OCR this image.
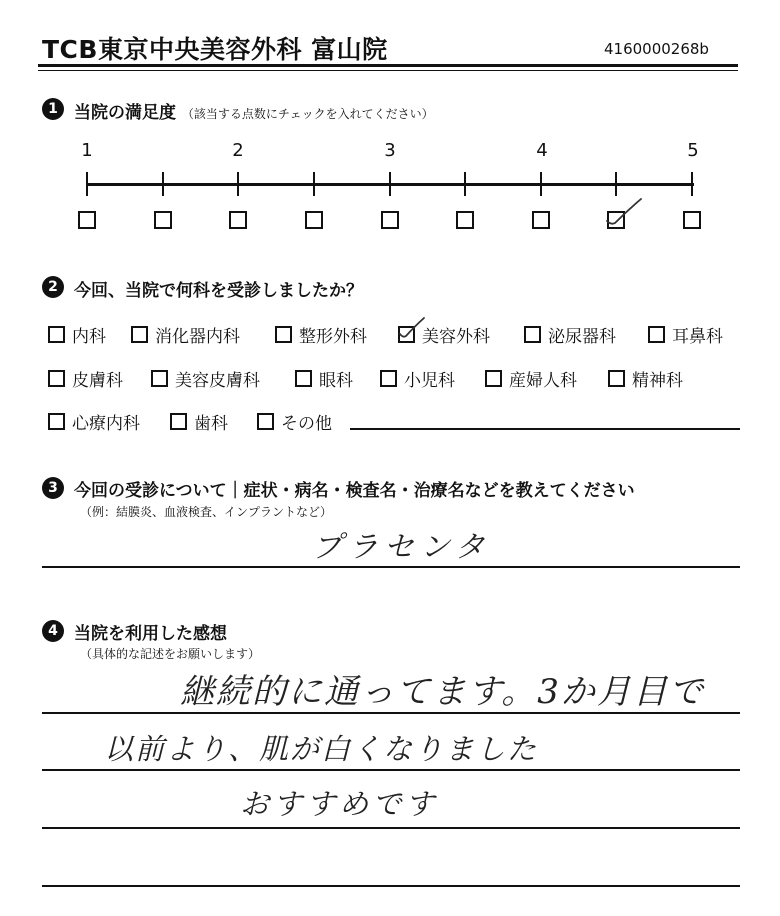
TCB東京中央美容外科 富山院	4160000268b
1 当院の満足度 （該当する点数にチェックを入れてください）
1	2	3	4	5
2 今回、当院で何科を受診しましたか？
内科	消化器内科	整形外科	美容外科	泌尿器科	耳鼻科
皮膚科	美容皮膚科	眼科	小児科	産婦人科	精神科
心療内科	歯科	その他
3 今回の受診について｜症状・病名・検査名・治療名などを教えてください
（例：結膜炎、血液検査、インプラントなど）
プラセンタ
4 当院を利用した感想
（具体的な記述をお願いします）
継続的に通ってます。3か月目で
以前より、肌が白くなりました
おすすめです
